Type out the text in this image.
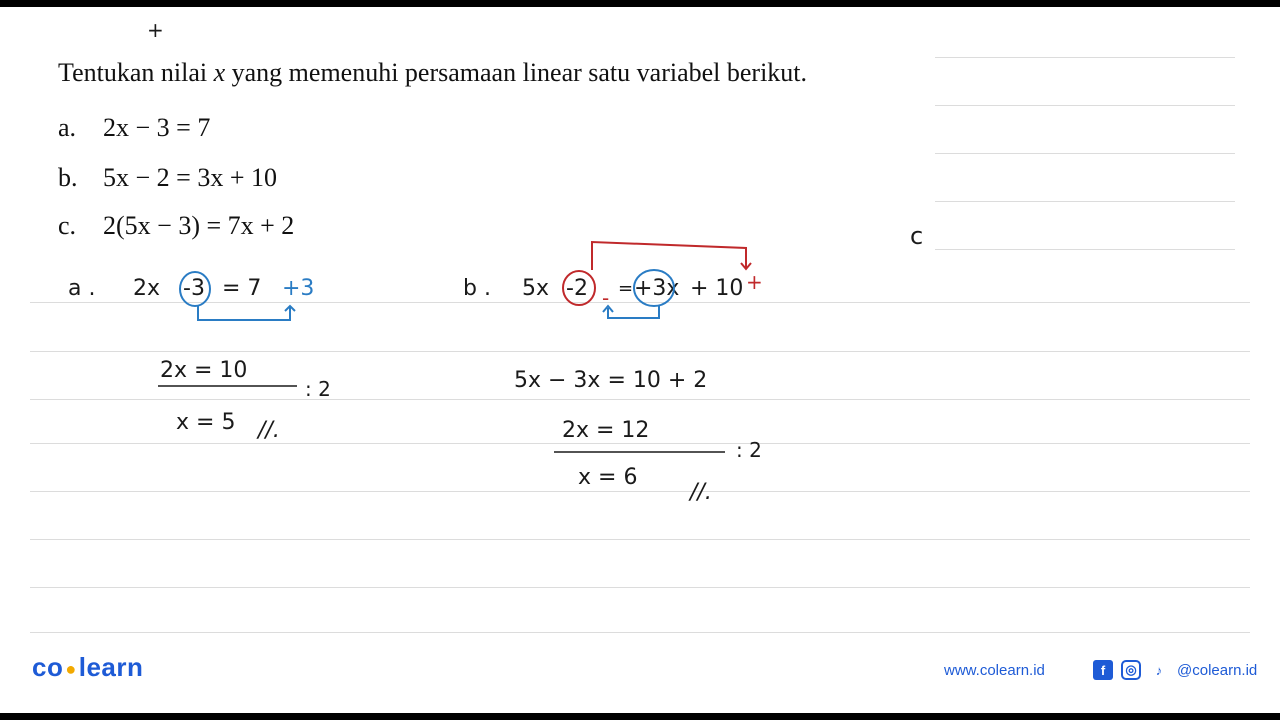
Tentukan nilai x yang memenuhi persamaan linear satu variabel berikut.
a. 2x − 3 = 7
b. 5x − 2 = 3x + 10
c. 2(5x − 3) = 7x + 2
+
c
a . 2x -3 = 7 +3
2x = 10
: 2
x = 5 //.
b . 5x -2 = +3x + 10 +
-
5x − 3x = 10 + 2
2x = 12
: 2
x = 6
//.
co ●learn	www.colearn.id	f	◎	♪ @colearn.id
